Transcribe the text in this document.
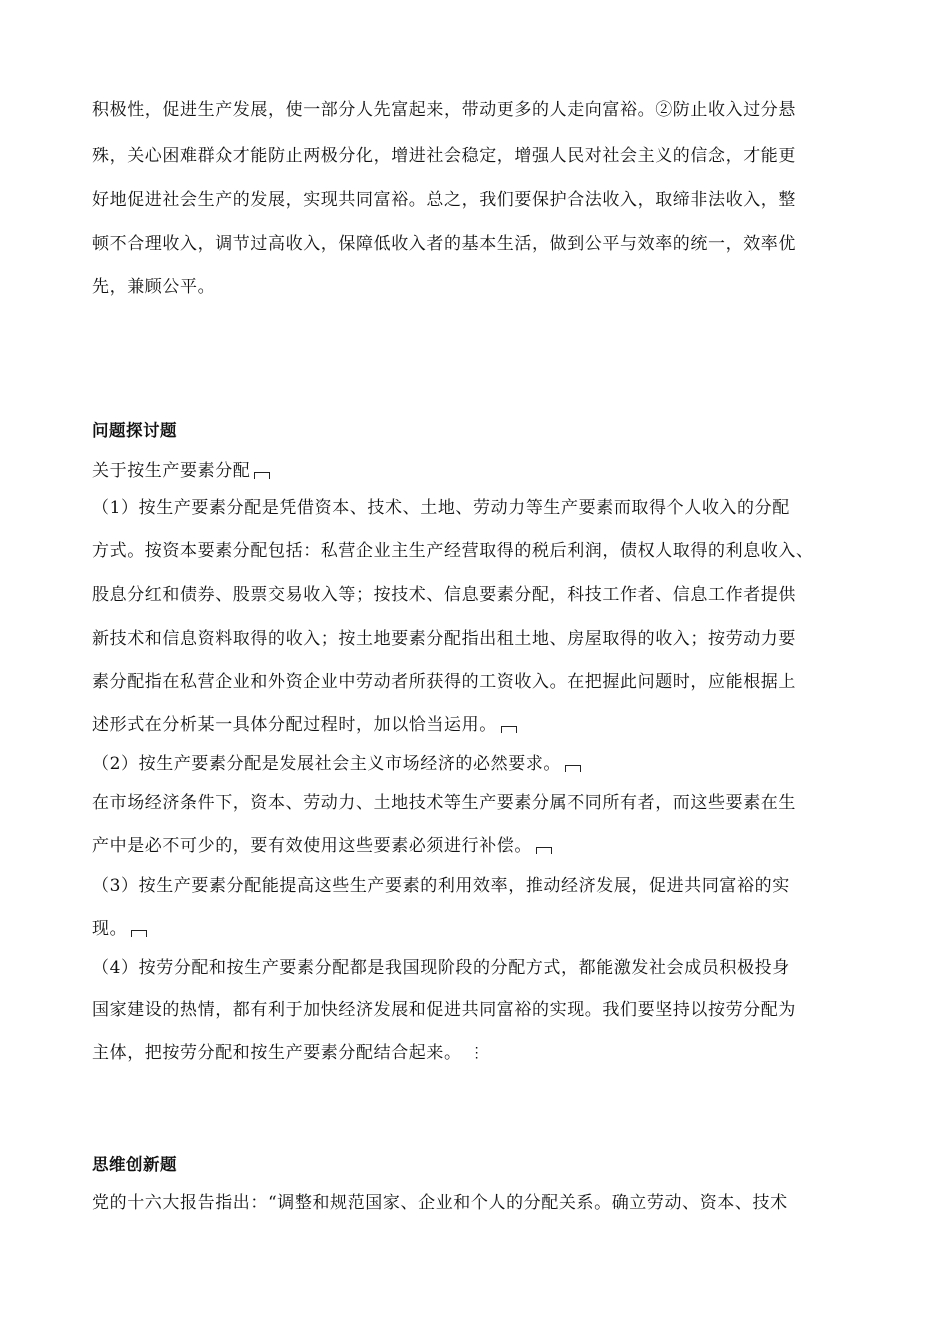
积极性，促进生产发展，使一部分人先富起来，带动更多的人走向富裕。②防止收入过分悬
殊，关心困难群众才能防止两极分化，增进社会稳定，增强人民对社会主义的信念，才能更
好地促进社会生产的发展，实现共同富裕。总之，我们要保护合法收入，取缔非法收入，整
顿不合理收入，调节过高收入，保障低收入者的基本生活，做到公平与效率的统一，效率优
先，兼顾公平。
问题探讨题
关于按生产要素分配
（1）按生产要素分配是凭借资本、技术、土地、劳动力等生产要素而取得个人收入的分配
方式。按资本要素分配包括：私营企业主生产经营取得的税后利润，债权人取得的利息收入、
股息分红和债券、股票交易收入等；按技术、信息要素分配，科技工作者、信息工作者提供
新技术和信息资料取得的收入；按土地要素分配指出租土地、房屋取得的收入；按劳动力要
素分配指在私营企业和外资企业中劳动者所获得的工资收入。在把握此问题时，应能根据上
述形式在分析某一具体分配过程时，加以恰当运用。
（2）按生产要素分配是发展社会主义市场经济的必然要求。
在市场经济条件下，资本、劳动力、土地技术等生产要素分属不同所有者，而这些要素在生
产中是必不可少的，要有效使用这些要素必须进行补偿。
（3）按生产要素分配能提高这些生产要素的利用效率，推动经济发展，促进共同富裕的实
现。
（4）按劳分配和按生产要素分配都是我国现阶段的分配方式，都能激发社会成员积极投身
国家建设的热情，都有利于加快经济发展和促进共同富裕的实现。我们要坚持以按劳分配为
主体，把按劳分配和按生产要素分配结合起来。 ⋮
思维创新题
党的十六大报告指出：“调整和规范国家、企业和个人的分配关系。确立劳动、资本、技术
